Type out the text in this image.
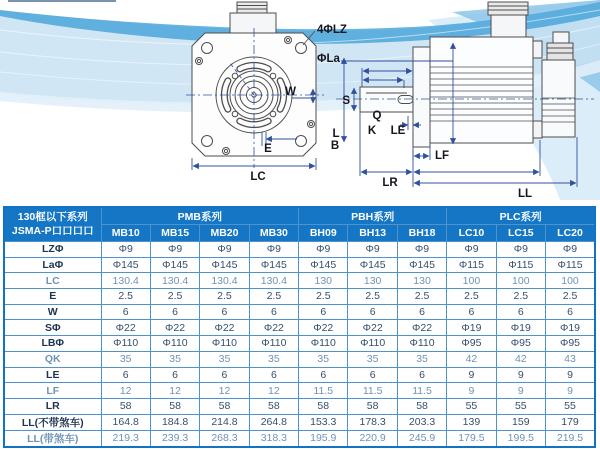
4ΦLZ
ΦLa
W
S
Q
K LE
L
B
E
LC
LF
LR
LL
130框以下系列
JSMA-P口口口口	PMB系列				PBH系列			PLC系列		
	MB10	MB15	MB20	MB30	BH09	BH13	BH18	LC10	LC15	LC20
LZΦ	Φ9	Φ9	Φ9	Φ9	Φ9	Φ9	Φ9	Φ9	Φ9	Φ9
LaΦ	Φ145	Φ145	Φ145	Φ145	Φ145	Φ145	Φ145	Φ115	Φ115	Φ115
LC	130.4	130.4	130.4	130.4	130	130	130	100	100	100
E	2.5	2.5	2.5	2.5	2.5	2.5	2.5	2.5	2.5	2.5
W	6	6	6	6	6	6	6	6	6	6
SΦ	Φ22	Φ22	Φ22	Φ22	Φ22	Φ22	Φ22	Φ19	Φ19	Φ19
LBΦ	Φ110	Φ110	Φ110	Φ110	Φ110	Φ110	Φ110	Φ95	Φ95	Φ95
QK	35	35	35	35	35	35	35	42	42	43
LE	6	6	6	6	6	6	6	9	9	9
LF	12	12	12	12	11.5	11.5	11.5	9	9	9
LR	58	58	58	58	58	58	58	55	55	55
LL(不带煞车)	164.8	184.8	214.8	264.8	153.3	178.3	203.3	139	159	179
LL(带煞车)	219.3	239.3	268.3	318.3	195.9	220.9	245.9	179.5	199.5	219.5
